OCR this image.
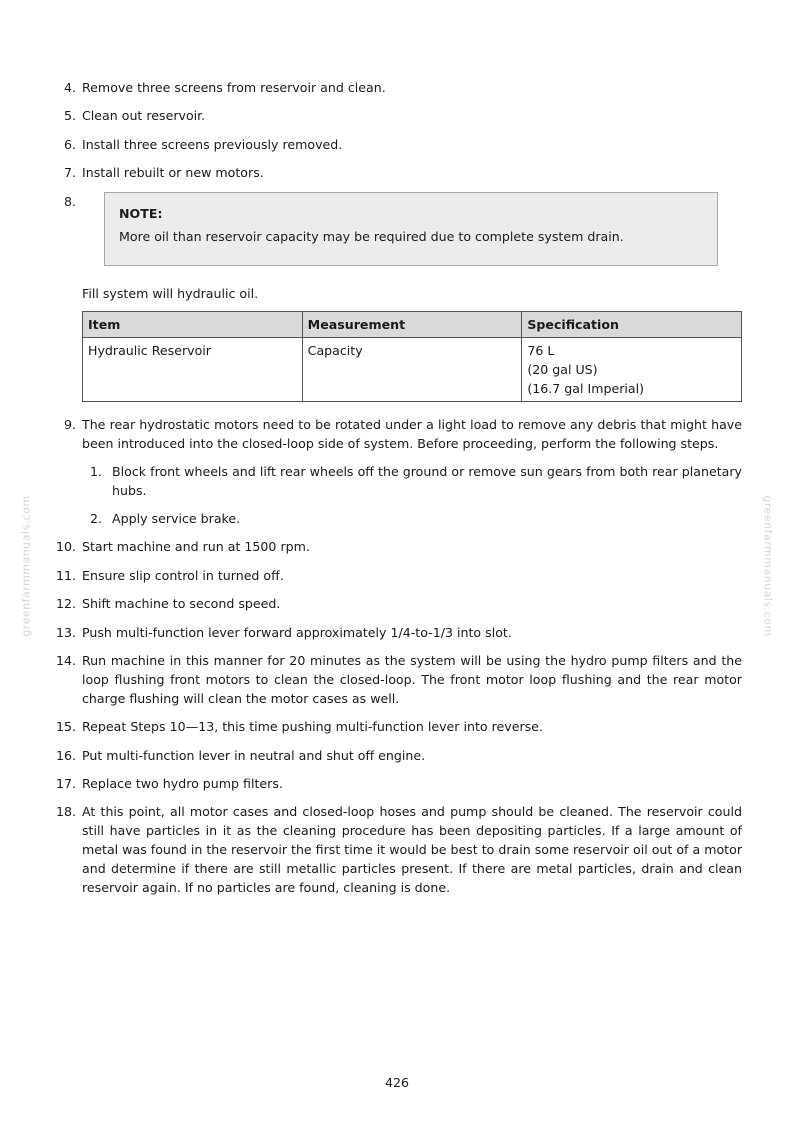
greenfarmmanuals.com	greenfarmmanuals.com
4. Remove three screens from reservoir and clean.
5. Clean out reservoir.
6. Install three screens previously removed.
7. Install rebuilt or new motors.
8.
NOTE:
More oil than reservoir capacity may be required due to complete system drain.
Fill system will hydraulic oil.
Item	Measurement	Specification
Hydraulic Reservoir	Capacity	76 L
(20 gal US)
(16.7 gal Imperial)
9. The rear hydrostatic motors need to be rotated under a light load to remove any debris that might have been introduced into the closed-loop side of system. Before proceeding, perform the following steps.
1. Block front wheels and lift rear wheels off the ground or remove sun gears from both rear planetary hubs.
2. Apply service brake.
10. Start machine and run at 1500 rpm.
11. Ensure slip control in turned off.
12. Shift machine to second speed.
13. Push multi-function lever forward approximately 1/4-to-1/3 into slot.
14. Run machine in this manner for 20 minutes as the system will be using the hydro pump filters and the loop flushing front motors to clean the closed-loop. The front motor loop flushing and the rear motor charge flushing will clean the motor cases as well.
15. Repeat Steps 10—13, this time pushing multi-function lever into reverse.
16. Put multi-function lever in neutral and shut off engine.
17. Replace two hydro pump filters.
18. At this point, all motor cases and closed-loop hoses and pump should be cleaned. The reservoir could still have particles in it as the cleaning procedure has been depositing particles. If a large amount of metal was found in the reservoir the first time it would be best to drain some reservoir oil out of a motor and determine if there are still metallic particles present. If there are metal particles, drain and clean reservoir again. If no particles are found, cleaning is done.
426
